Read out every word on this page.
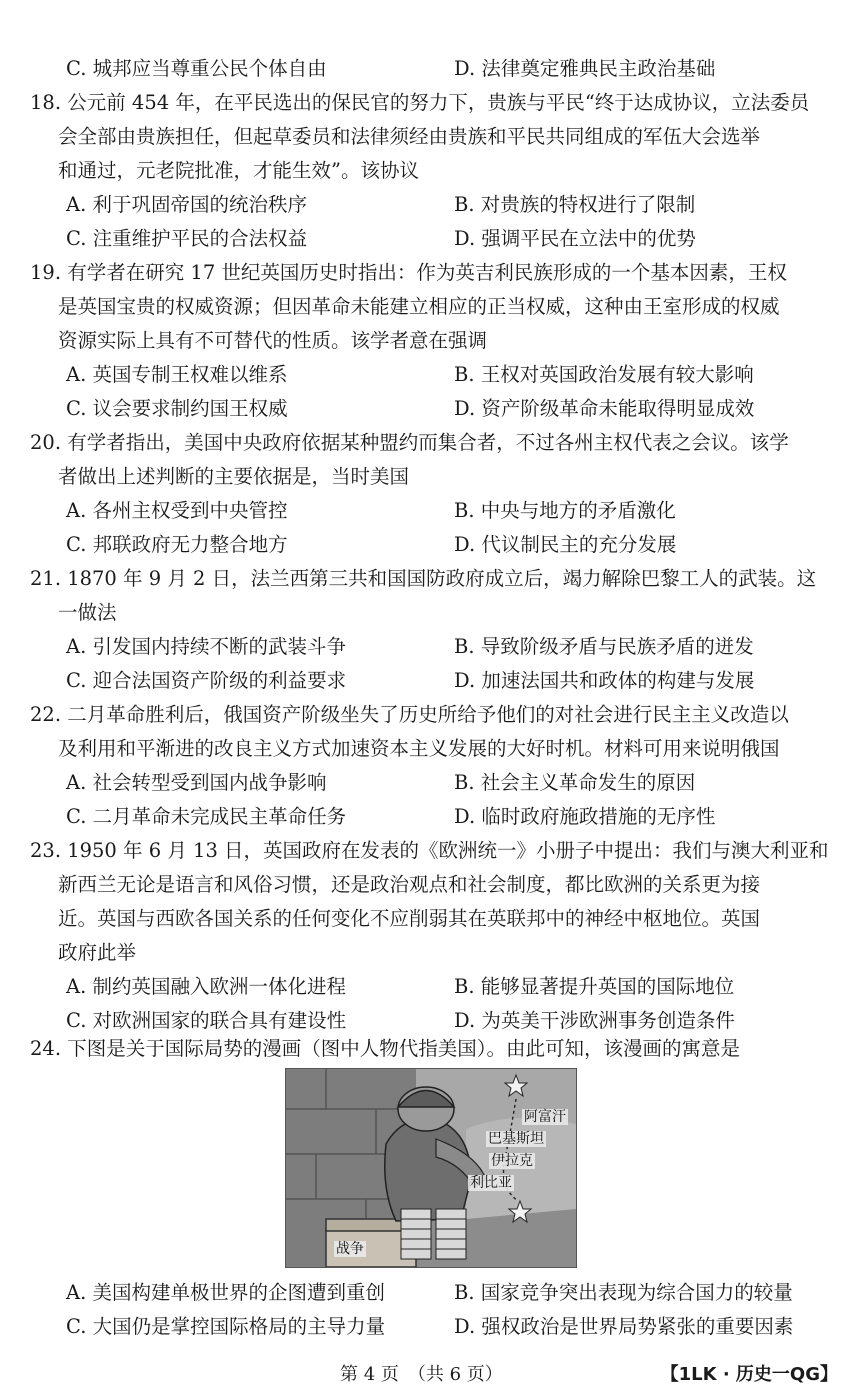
C. 城邦应当尊重公民个体自由	D. 法律奠定雅典民主政治基础
18. 公元前 454 年，在平民选出的保民官的努力下，贵族与平民“终于达成协议，立法委员
会全部由贵族担任，但起草委员和法律须经由贵族和平民共同组成的军伍大会选举
和通过，元老院批准，才能生效”。该协议
A. 利于巩固帝国的统治秩序	B. 对贵族的特权进行了限制
C. 注重维护平民的合法权益	D. 强调平民在立法中的优势
19. 有学者在研究 17 世纪英国历史时指出：作为英吉利民族形成的一个基本因素，王权
是英国宝贵的权威资源；但因革命未能建立相应的正当权威，这种由王室形成的权威
资源实际上具有不可替代的性质。该学者意在强调
A. 英国专制王权难以维系	B. 王权对英国政治发展有较大影响
C. 议会要求制约国王权威	D. 资产阶级革命未能取得明显成效
20. 有学者指出，美国中央政府依据某种盟约而集合者，不过各州主权代表之会议。该学
者做出上述判断的主要依据是，当时美国
A. 各州主权受到中央管控	B. 中央与地方的矛盾激化
C. 邦联政府无力整合地方	D. 代议制民主的充分发展
21. 1870 年 9 月 2 日，法兰西第三共和国国防政府成立后，竭力解除巴黎工人的武装。这
一做法
A. 引发国内持续不断的武装斗争	B. 导致阶级矛盾与民族矛盾的迸发
C. 迎合法国资产阶级的利益要求	D. 加速法国共和政体的构建与发展
22. 二月革命胜利后，俄国资产阶级坐失了历史所给予他们的对社会进行民主主义改造以
及利用和平渐进的改良主义方式加速资本主义发展的大好时机。材料可用来说明俄国
A. 社会转型受到国内战争影响	B. 社会主义革命发生的原因
C. 二月革命未完成民主革命任务	D. 临时政府施政措施的无序性
23. 1950 年 6 月 13 日，英国政府在发表的《欧洲统一》小册子中提出：我们与澳大利亚和
新西兰无论是语言和风俗习惯，还是政治观点和社会制度，都比欧洲的关系更为接
近。英国与西欧各国关系的任何变化不应削弱其在英联邦中的神经中枢地位。英国
政府此举
A. 制约英国融入欧洲一体化进程	B. 能够显著提升英国的国际地位
C. 对欧洲国家的联合具有建设性	D. 为英美干涉欧洲事务创造条件
24. 下图是关于国际局势的漫画（图中人物代指美国）。由此可知，该漫画的寓意是
阿富汗
巴基斯坦
伊拉克
利比亚
战争
A. 美国构建单极世界的企图遭到重创	B. 国家竞争突出表现为综合国力的较量
C. 大国仍是掌控国际格局的主导力量	D. 强权政治是世界局势紧张的重要因素
第 4 页　（共 6 页）	【1LK · 历史一QG】
